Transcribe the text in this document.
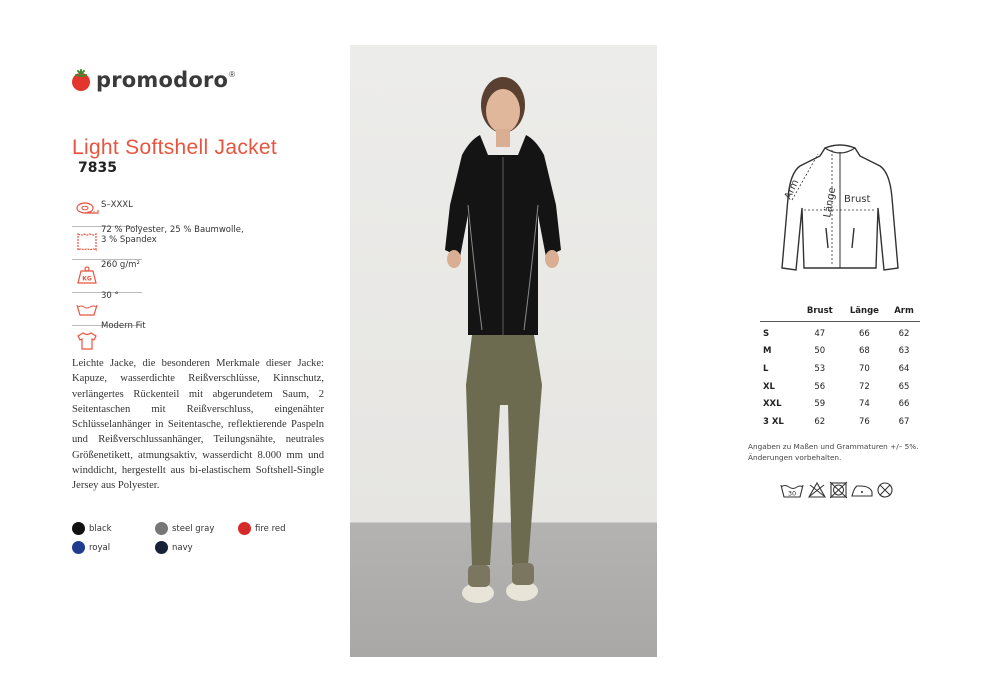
promodoro ®
Light Softshell Jacket
7835
KG
S–XXXL
72 % Polyester, 25 % Baumwolle,
3 % Spandex
260 g/m²
30 °
Modern Fit
Leichte Jacke, die besonderen Merkmale dieser Jacke: Kapuze, wasserdichte Reißverschlüsse, Kinnschutz, verlängertes Rückenteil mit abgerundetem Saum, 2 Seitentaschen mit Reißverschluss, eingenähter Schlüsselanhänger in Seitentasche, reflektierende Paspeln und Reißverschlussanhänger, Teilungsnähte, neutrales Größenetikett, atmungsaktiv, wasserdicht 8.000 mm und winddicht, hergestellt aus bi-elastischem Softshell-Single Jersey aus Polyester.
black	steel gray	fire red
royal	navy
Brust
Arm Länge
	Brust	Länge	Arm
S	47	66	62
M	50	68	63
L	53	70	64
XL	56	72	65
XXL	59	74	66
3 XL	62	76	67
Angaben zu Maßen und Grammaturen +/– 5%.
Änderungen vorbehalten.
30
